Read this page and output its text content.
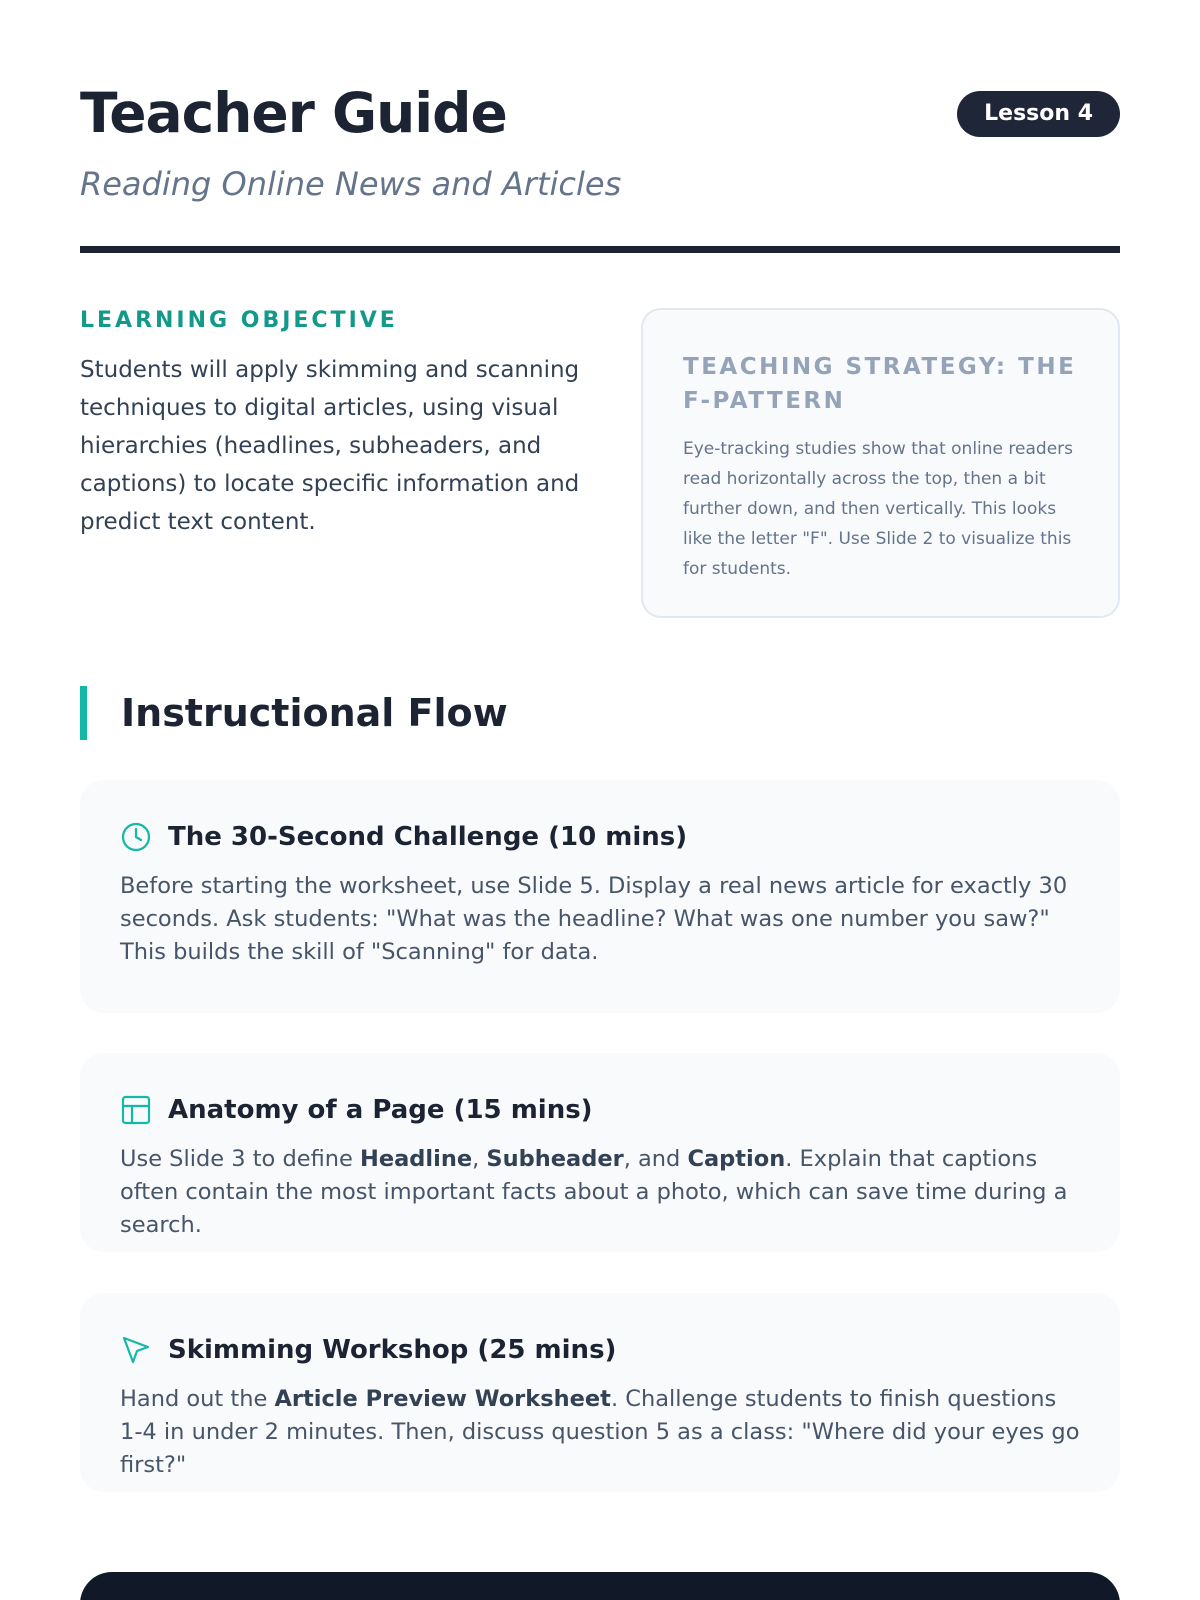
Teacher Guide
Reading Online News and Articles
Lesson 4
LEARNING OBJECTIVE

Students will apply skimming and scanning techniques to digital articles, using visual hierarchies (headlines, subheaders, and captions) to locate specific information and predict text content.

TEACHING STRATEGY: THE F-PATTERN

Eye-tracking studies show that online readers read horizontally across the top, then a bit further down, and then vertically. This looks like the letter "F". Use Slide 2 to visualize this for students.

Instructional Flow
The 30-Second Challenge (10 mins)

Before starting the worksheet, use Slide 5. Display a real news article for exactly 30 seconds. Ask students: "What was the headline? What was one number you saw?" This builds the skill of "Scanning" for data.

Anatomy of a Page (15 mins)

Use Slide 3 to define Headline, Subheader, and Caption. Explain that captions often contain the most important facts about a photo, which can save time during a search.

Skimming Workshop (25 mins)

Hand out the Article Preview Worksheet. Challenge students to finish questions 1-4 in under 2 minutes. Then, discuss question 5 as a class: "Where did your eyes go first?"
